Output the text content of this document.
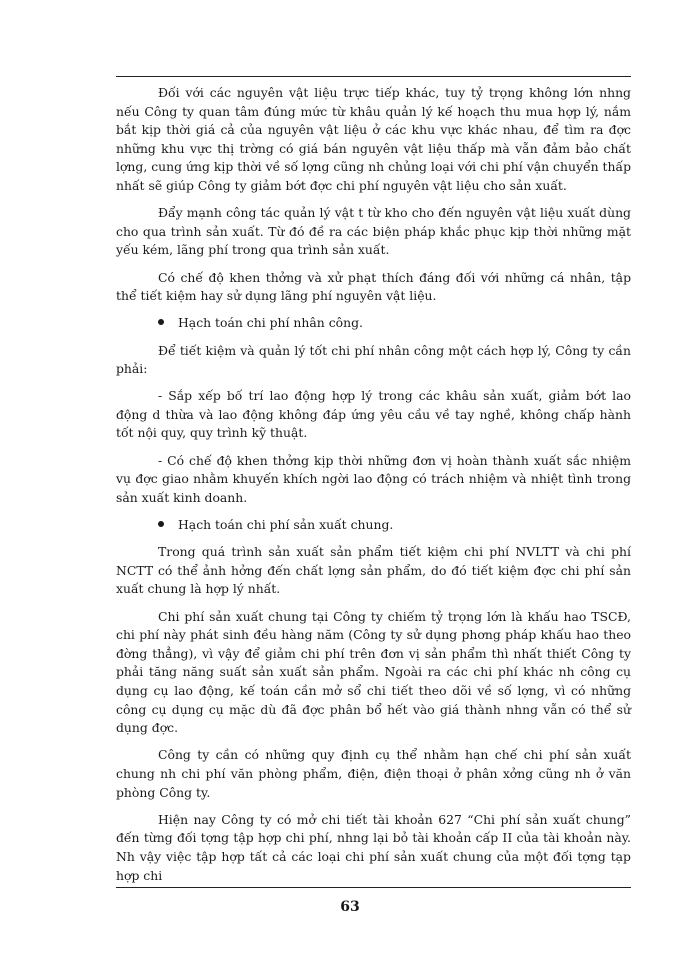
Đối với các nguyên vật liệu trực tiếp khác, tuy tỷ trọng không lớn nhng nếu Công ty quan tâm đúng mức từ khâu quản lý kế hoạch thu mua hợp lý, nắm bắt kịp thời giá cả của nguyên vật liệu ở các khu vực khác nhau, để tìm ra đợc những khu vực thị trờng có giá bán nguyên vật liệu thấp mà vẫn đảm bảo chất lợng, cung ứng kịp thời về số lợng cũng nh chủng loại với chi phí vận chuyển thấp nhất sẽ giúp Công ty giảm bớt đợc chi phí nguyên vật liệu cho sản xuất.

Đẩy mạnh công tác quản lý vật t từ kho cho đến nguyên vật liệu xuất dùng cho qua trình sản xuất. Từ đó đề ra các biện pháp khắc phục kịp thời những mặt yếu kém, lãng phí trong qua trình sản xuất.

Có chế độ khen thởng và xử phạt thích đáng đối với những cá nhân, tập thể tiết kiệm hay sử dụng lãng phí nguyên vật liệu.

Hạch toán chi phí nhân công.

Để tiết kiệm và quản lý tốt chi phí nhân công một cách hợp lý, Công ty cần phải:

- Sắp xếp bố trí lao động hợp lý trong các khâu sản xuất, giảm bớt lao động d thừa và lao động không đáp ứng yêu cầu về tay nghề, không chấp hành tốt nội quy, quy trình kỹ thuật.

- Có chế độ khen thởng kịp thời những đơn vị hoàn thành xuất sắc nhiệm vụ đợc giao nhằm khuyến khích ngời lao động có trách nhiệm và nhiệt tình trong sản xuất kinh doanh.

Hạch toán chi phí sản xuất chung.

Trong quá trình sản xuất sản phẩm tiết kiệm chi phí NVLTT và chi phí NCTT có thể ảnh hởng đến chất lợng sản phẩm, do đó tiết kiệm đợc chi phí sản xuất chung là hợp lý nhất.

Chi phí sản xuất chung tại Công ty chiếm tỷ trọng lớn là khấu hao TSCĐ, chi phí này phát sinh đều hàng năm (Công ty sử dụng phơng pháp khấu hao theo đờng thẳng), vì vậy để giảm chi phí trên đơn vị sản phẩm thì nhất thiết Công ty phải tăng năng suất sản xuất sản phẩm. Ngoài ra các chi phí khác nh công cụ dụng cụ lao động, kế toán cần mở sổ chi tiết theo dõi về số lợng, vì có những công cụ dụng cụ mặc dù đã đợc phân bổ hết vào giá thành nhng vẫn có thể sử dụng đợc.

Công ty cần có những quy định cụ thể nhằm hạn chế chi phí sản xuất chung nh chi phí văn phòng phẩm, điện, điện thoại ở phân xởng cũng nh ở văn phòng Công ty.

Hiện nay Công ty có mở chi tiết tài khoản 627 “Chi phí sản xuất chung” đến từng đối tợng tập hợp chi phí, nhng lại bỏ tài khoản cấp II của tài khoản này. Nh vậy việc tập hợp tất cả các loại chi phí sản xuất chung của một đối tợng tạp hợp chi

63
